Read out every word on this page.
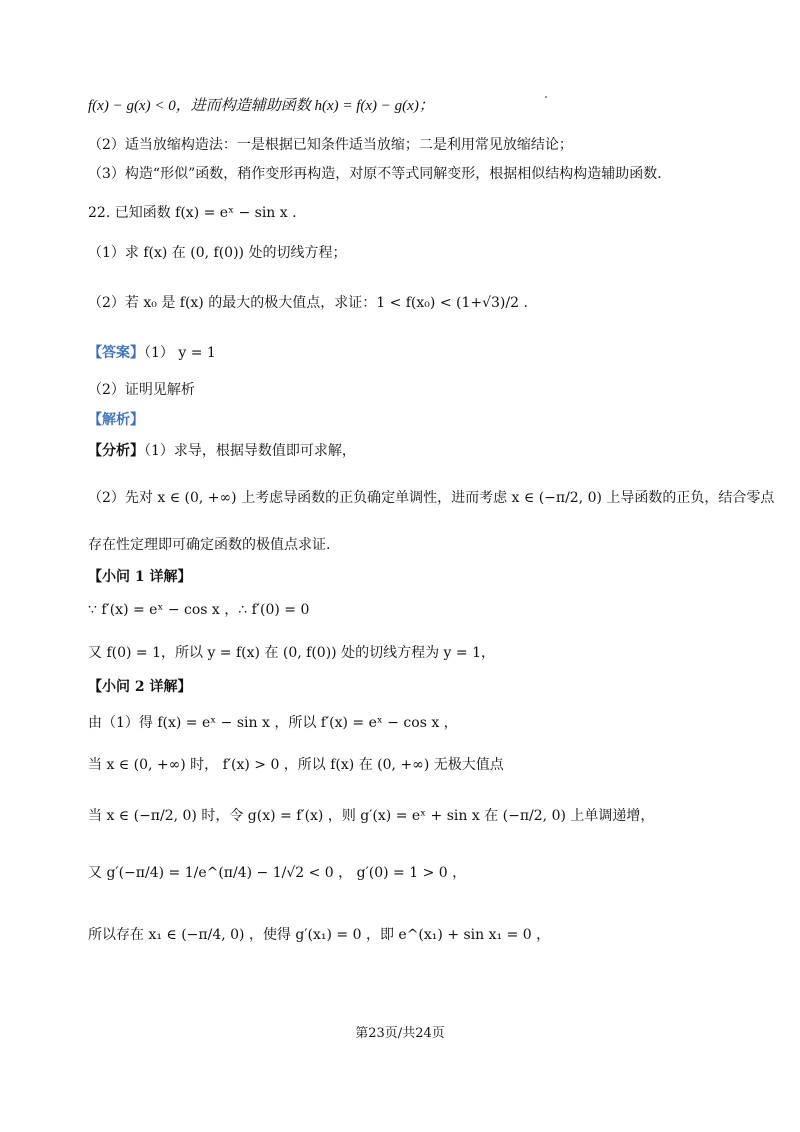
f(x) − g(x) < 0，进而构造辅助函数 h(x) = f(x) − g(x)；
（2）适当放缩构造法：一是根据已知条件适当放缩；二是利用常见放缩结论；
（3）构造“形似”函数，稍作变形再构造，对原不等式同解变形，根据相似结构构造辅助函数.
22. 已知函数 f(x) = eˣ − sin x .
（1）求 f(x) 在 (0, f(0)) 处的切线方程；
（2）若 x₀ 是 f(x) 的最大的极大值点，求证：1 < f(x₀) < (1+√3)/2 .
【答案】（1） y = 1
（2）证明见解析
【解析】
【分析】（1）求导，根据导数值即可求解，
（2）先对 x ∈ (0, +∞) 上考虑导函数的正负确定单调性，进而考虑 x ∈ (−π/2, 0) 上导函数的正负，结合零点
存在性定理即可确定函数的极值点求证.
【小问 1 详解】
∵ f′(x) = eˣ − cos x ，∴ f′(0) = 0
又 f(0) = 1，所以 y = f(x) 在 (0, f(0)) 处的切线方程为 y = 1，
【小问 2 详解】
由（1）得 f(x) = eˣ − sin x ，所以 f′(x) = eˣ − cos x ，
当 x ∈ (0, +∞) 时， f′(x) > 0 ，所以 f(x) 在 (0, +∞) 无极大值点
当 x ∈ (−π/2, 0) 时，令 g(x) = f′(x) ，则 g′(x) = eˣ + sin x 在 (−π/2, 0) 上单调递增，
又 g′(−π/4) = 1/e^(π/4) − 1/√2 < 0 ， g′(0) = 1 > 0 ，
所以存在 x₁ ∈ (−π/4, 0) ，使得 g′(x₁) = 0 ，即 e^(x₁) + sin x₁ = 0 ，
第23页/共24页
